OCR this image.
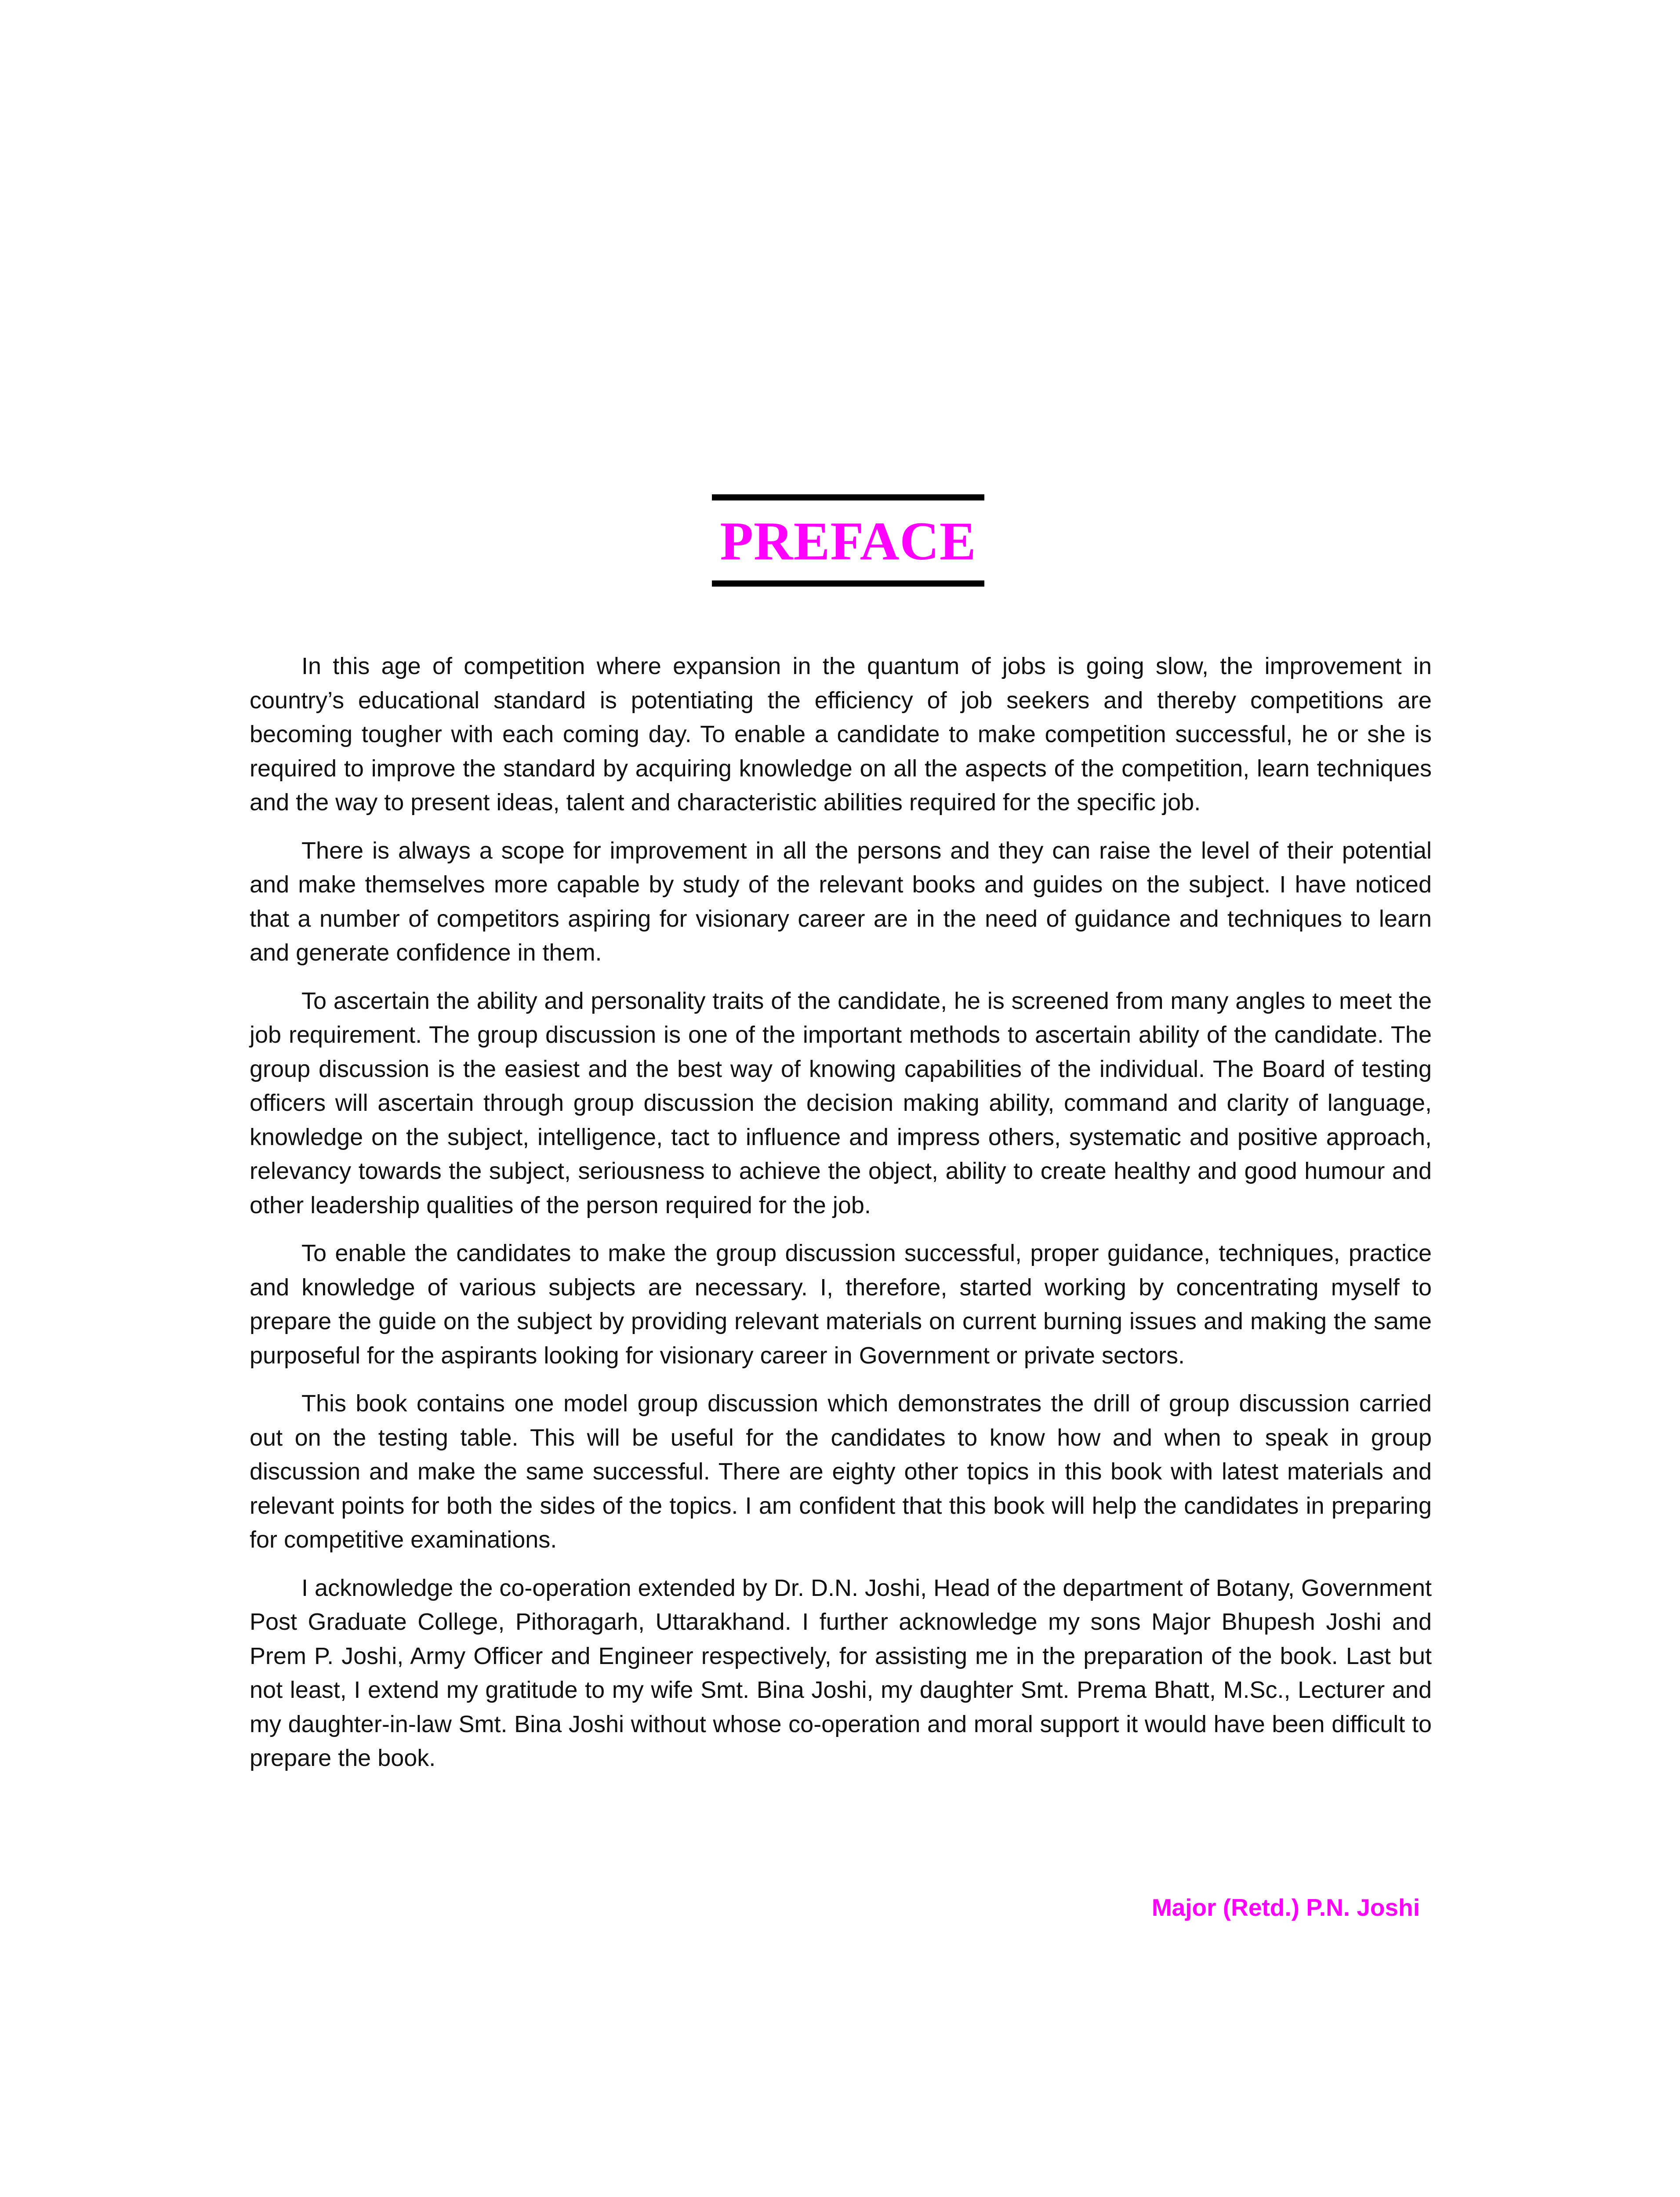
PREFACE

In this age of competition where expansion in the quantum of jobs is going slow, the improvement in country’s educational standard is potentiating the efficiency of job seekers and thereby competitions are becoming tougher with each coming day. To enable a candidate to make competition successful, he or she is required to improve the standard by acquiring knowledge on all the aspects of the competition, learn techniques and the way to present ideas, talent and characteristic abilities required for the specific job.

There is always a scope for improvement in all the persons and they can raise the level of their potential and make themselves more capable by study of the relevant books and guides on the subject. I have noticed that a number of competitors aspiring for visionary career are in the need of guidance and techniques to learn and generate confidence in them.

To ascertain the ability and personality traits of the candidate, he is screened from many angles to meet the job requirement. The group discussion is one of the important methods to ascertain ability of the candidate. The group discussion is the easiest and the best way of knowing capabilities of the individual. The Board of testing officers will ascertain through group discussion the decision making ability, command and clarity of language, knowledge on the subject, intelligence, tact to influence and impress others, systematic and positive approach, relevancy towards the subject, seriousness to achieve the object, ability to create healthy and good humour and other leadership qualities of the person required for the job.

To enable the candidates to make the group discussion successful, proper guidance, techniques, practice and knowledge of various subjects are necessary. I, therefore, started working by concentrating myself to prepare the guide on the subject by providing relevant materials on current burning issues and making the same purposeful for the aspirants looking for visionary career in Government or private sectors.

This book contains one model group discussion which demonstrates the drill of group discussion carried out on the testing table. This will be useful for the candidates to know how and when to speak in group discussion and make the same successful. There are eighty other topics in this book with latest materials and relevant points for both the sides of the topics. I am confident that this book will help the candidates in preparing for competitive examinations.

I acknowledge the co-operation extended by Dr. D.N. Joshi, Head of the department of Botany, Government Post Graduate College, Pithoragarh, Uttarakhand. I further acknowledge my sons Major Bhupesh Joshi and Prem P. Joshi, Army Officer and Engineer respectively, for assisting me in the preparation of the book. Last but not least, I extend my gratitude to my wife Smt. Bina Joshi, my daughter Smt. Prema Bhatt, M.Sc., Lecturer and my daughter-in-law Smt. Bina Joshi without whose co-operation and moral support it would have been difficult to prepare the book.

Major (Retd.) P.N. Joshi
